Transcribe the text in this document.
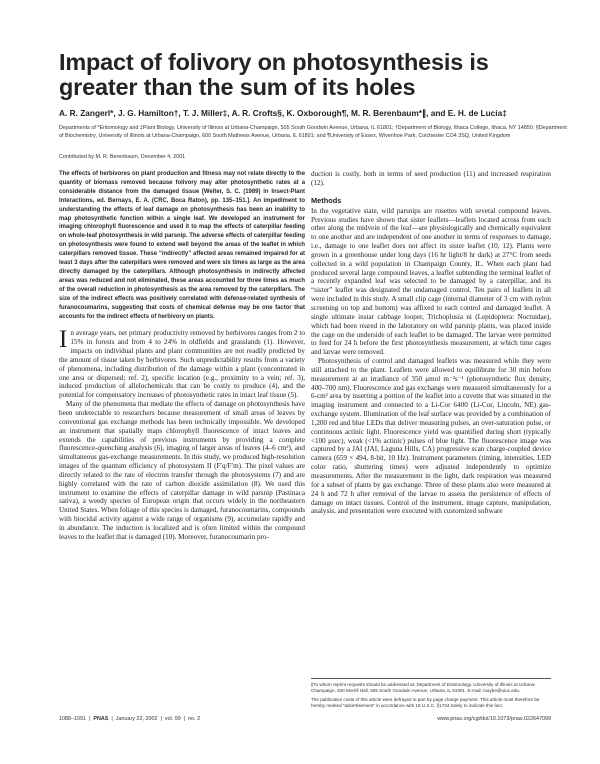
Impact of folivory on photosynthesis is greater than the sum of its holes
A. R. Zangerl*, J. G. Hamilton†, T. J. Miller‡, A. R. Crofts§, K. Oxborough¶, M. R. Berenbaum*∥, and E. H. de Lucia‡
Departments of *Entomology and ‡Plant Biology, University of Illinois at Urbana-Champaign, 505 South Goodwin Avenue, Urbana, IL 61801; †Department of Biology, Ithaca College, Ithaca, NY 14850; §Department of Biochemistry, University of Illinois at Urbana-Champaign, 600 South Mathews Avenue, Urbana, IL 61801; and ¶University of Essex, Wivenhoe Park, Colchester CO4 3SQ, United Kingdom
Contributed by M. R. Berenbaum, December 4, 2001

The effects of herbivores on plant production and fitness may not relate directly to the quantity of biomass removed because folivory may alter photosynthetic rates at a considerable distance from the damaged tissue [Welter, S. C. (1989) in Insect-Plant Interactions, ed. Bernays, E. A. (CRC, Boca Raton), pp. 135–151.]. An impediment to understanding the effects of leaf damage on photosynthesis has been an inability to map photosynthetic function within a single leaf. We developed an instrument for imaging chlorophyll fluorescence and used it to map the effects of caterpillar feeding on whole-leaf photosynthesis in wild parsnip. The adverse effects of caterpillar feeding on photosynthesis were found to extend well beyond the areas of the leaflet in which caterpillars removed tissue. These “indirectly” affected areas remained impaired for at least 3 days after the caterpillars were removed and were six times as large as the area directly damaged by the caterpillars. Although photosynthesis in indirectly affected areas was reduced and not eliminated, these areas accounted for three times as much of the overall reduction in photosynthesis as the area removed by the caterpillars. The size of the indirect effects was positively correlated with defense-related synthesis of furanocoumarins, suggesting that costs of chemical defense may be one factor that accounts for the indirect effects of herbivory on plants.

In average years, net primary productivity removed by herbivores ranges from 2 to 15% in forests and from 4 to 24% in oldfields and grasslands (1). However, impacts on individual plants and plant communities are not readily predicted by the amount of tissue taken by herbivores. Such unpredictability results from a variety of phenomena, including distribution of the damage within a plant (concentrated in one area or dispersed; ref. 2), specific location (e.g., proximity to a vein; ref. 3), induced production of allelochemicals that can be costly to produce (4), and the potential for compensatory increases of photosynthetic rates in intact leaf tissue (5).

Many of the phenomena that mediate the effects of damage on photosynthesis have been undetectable to researchers because measurement of small areas of leaves by conventional gas exchange methods has been technically impossible. We developed an instrument that spatially maps chlorophyll fluorescence of intact leaves and extends the capabilities of previous instruments by providing a complete fluorescence-quenching analysis (6), imaging of larger areas of leaves (4–6 cm²), and simultaneous gas-exchange measurements. In this study, we produced high-resolution images of the quantum efficiency of photosystem II (F′q/F′m). The pixel values are directly related to the rate of electron transfer through the photosystems (7) and are highly correlated with the rate of carbon dioxide assimilation (8). We used this instrument to examine the effects of caterpillar damage in wild parsnip (Pastinaca sativa), a weedy species of European origin that occurs widely in the northeastern United States. When foliage of this species is damaged, furanocoumarins, compounds with biocidal activity against a wide range of organisms (9), accumulate rapidly and in abundance. The induction is localized and is often limited within the compound leaves to the leaflet that is damaged (10). Moreover, furanocoumarin pro-

duction is costly, both in terms of seed production (11) and increased respiration (12).

Methods

In the vegetative state, wild parsnips are rosettes with several compound leaves. Previous studies have shown that sister leaflets—leaflets located across from each other along the midvein of the leaf—are physiologically and chemically equivalent to one another and are independent of one another in terms of responses to damage, i.e., damage to one leaflet does not affect its sister leaflet (10, 12). Plants were grown in a greenhouse under long days (16 hr light/8 hr dark) at 27°C from seeds collected in a wild population in Champaign County, IL. When each plant had produced several large compound leaves, a leaflet subtending the terminal leaflet of a recently expanded leaf was selected to be damaged by a caterpillar, and its “sister” leaflet was designated the undamaged control. Ten pairs of leaflets in all were included in this study. A small clip cage (internal diameter of 3 cm with nylon screening on top and bottom) was affixed to each control and damaged leaflet. A single ultimate instar cabbage looper, Trichoplusia ni (Lepidoptera: Noctuidae), which had been reared in the laboratory on wild parsnip plants, was placed inside the cage on the underside of each leaflet to be damaged. The larvae were permitted to feed for 24 h before the first photosynthesis measurement, at which time cages and larvae were removed.

Photosynthesis of control and damaged leaflets was measured while they were still attached to the plant. Leaflets were allowed to equilibrate for 30 min before measurement at an irradiance of 350 μmol m⁻²s⁻¹ (photosynthetic flux density, 400–700 nm). Fluorescence and gas exchange were measured simultaneously for a 6-cm² area by inserting a portion of the leaflet into a cuvette that was situated in the imaging instrument and connected to a Li-Cor 6400 (Li-Cor, Lincoln, NE) gas-exchange system. Illumination of the leaf surface was provided by a combination of 1,200 red and blue LEDs that deliver measuring pulses, an over-saturation pulse, or continuous actinic light. Fluorescence yield was quantified during short (typically <100 μsec), weak (<1% actinic) pulses of blue light. The fluorescence image was captured by a JAI (JAI, Laguna Hills, CA) progressive scan charge-coupled device camera (659 × 494, 8-bit, 10 Hz). Instrument parameters (timing, intensities, LED color ratio, shuttering times) were adjusted independently to optimize measurements. After the measurement in the light, dark respiration was measured for a subset of plants by gas exchange. Three of these plants also were measured at 24 h and 72 h after removal of the larvae to assess the persistence of effects of damage on intact tissues. Control of the instrument, image capture, manipulation, analysis, and presentation were executed with customized software

∥To whom reprint requests should be addressed at: Department of Entomology, University of Illinois at Urbana-Champaign, 320 Morrill Hall, 505 South Goodwin Avenue, Urbana, IL 61801. E-mail: maybe@uiuc.edu.

The publication costs of this article were defrayed in part by page charge payment. This article must therefore be hereby marked “advertisement” in accordance with 18 U.S.C. §1734 solely to indicate this fact.

1088–1091  |  PNAS  |  January 22, 2002  |  vol. 99  |  no. 2	www.pnas.org/cgi/doi/10.1073/pnas.022647099
